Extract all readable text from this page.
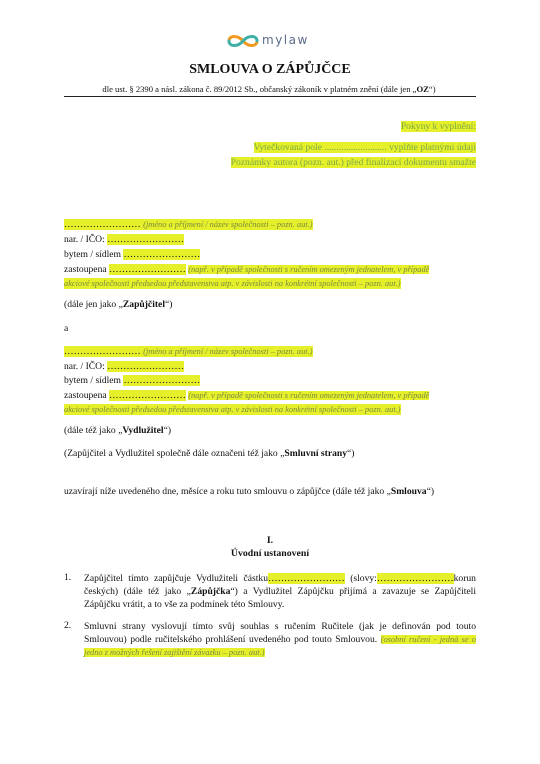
mylaw
SMLOUVA O ZÁPŮJČCE
dle ust. § 2390 a násl. zákona č. 89/2012 Sb., občanský zákoník v platném znění (dále jen „OZ“)
Pokyny k vyplnění:
Vytečkovaná pole .......................... vyplňte platnými údaji
Poznámky autora (pozn. aut.) před finalizací dokumentu smažte
…………………… (jméno a příjmení / název společnosti – pozn. aut.)
nar. / IČO: ……………………
bytem / sídlem ……………………
zastoupena …………………… (např. v případě společnosti s ručením omezeným jednatelem, v případě
akciové společnosti předsedou představenstva atp. v závislosti na konkrétní společnosti – pozn. aut.)
(dále jen jako „Zapůjčitel“)
a
…………………… (jméno a příjmení / název společnosti – pozn. aut.)
nar. / IČO: ……………………
bytem / sídlem ……………………
zastoupena …………………… (např. v případě společnosti s ručením omezeným jednatelem, v případě
akciové společnosti předsedou představenstva atp. v závislosti na konkrétní společnosti – pozn. aut.)
(dále též jako „Vydlužitel“)
(Zapůjčitel a Vydlužitel společně dále označeni též jako „Smluvní strany“)
uzavírají níže uvedeného dne, měsíce a roku tuto smlouvu o zápůjčce (dále též jako „Smlouva“)
I.
Úvodní ustanovení
1. Zapůjčitel tímto zapůjčuje Vydlužiteli částku…………………… (slovy:……………………korun českých) (dále též jako „Zápůjčka“) a Vydlužitel Zápůjčku přijímá a zavazuje se Zapůjčiteli Zápůjčku vrátit, a to vše za podmínek této Smlouvy.
2. Smluvní strany vyslovují tímto svůj souhlas s ručením Ručitele (jak je definován pod touto Smlouvou) podle ručitelského prohlášení uvedeného pod touto Smlouvou. (osobní ručení - jedná se o jedno z možných řešení zajištění závazku – pozn. aut.)
